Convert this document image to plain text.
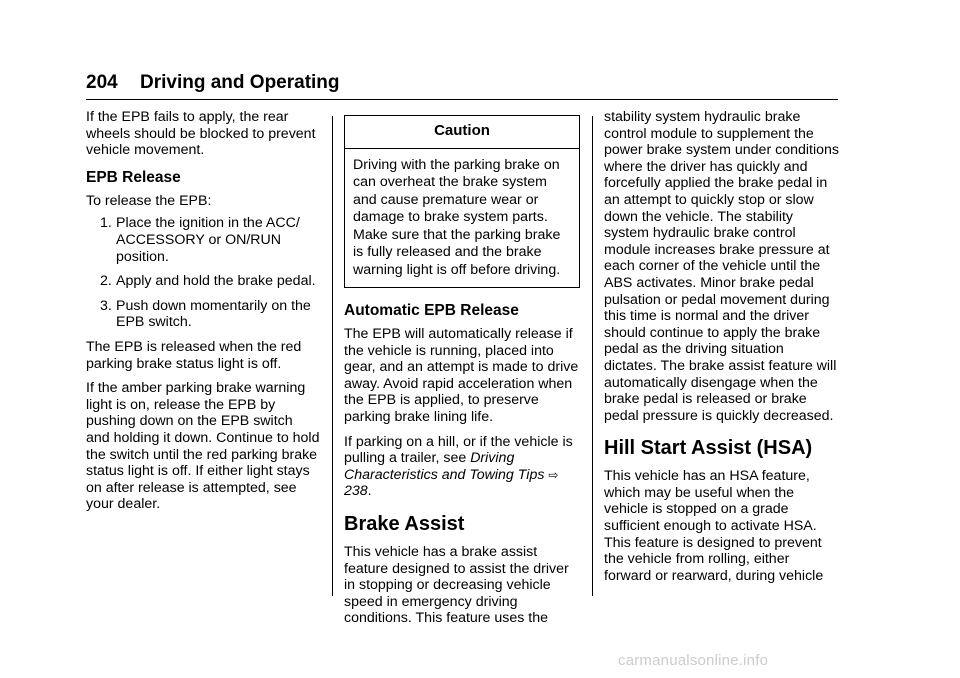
204 Driving and Operating

If the EPB fails to apply, the rear wheels should be blocked to prevent vehicle movement.

EPB Release

To release the EPB:

1. Place the ignition in the ACC/ ACCESSORY or ON/RUN position.
2. Apply and hold the brake pedal.
3. Push down momentarily on the EPB switch.

The EPB is released when the red parking brake status light is off.

If the amber parking brake warning light is on, release the EPB by pushing down on the EPB switch and holding it down. Continue to hold the switch until the red parking brake status light is off. If either light stays on after release is attempted, see your dealer.

Caution
Driving with the parking brake on can overheat the brake system and cause premature wear or damage to brake system parts. Make sure that the parking brake is fully released and the brake warning light is off before driving.
Automatic EPB Release

The EPB will automatically release if the vehicle is running, placed into gear, and an attempt is made to drive away. Avoid rapid acceleration when the EPB is applied, to preserve parking brake lining life.

If parking on a hill, or if the vehicle is pulling a trailer, see Driving Characteristics and Towing Tips ⇨ 238.

Brake Assist

This vehicle has a brake assist feature designed to assist the driver in stopping or decreasing vehicle speed in emergency driving conditions. This feature uses the

stability system hydraulic brake control module to supplement the power brake system under conditions where the driver has quickly and forcefully applied the brake pedal in an attempt to quickly stop or slow down the vehicle. The stability system hydraulic brake control module increases brake pressure at each corner of the vehicle until the ABS activates. Minor brake pedal pulsation or pedal movement during this time is normal and the driver should continue to apply the brake pedal as the driving situation dictates. The brake assist feature will automatically disengage when the brake pedal is released or brake pedal pressure is quickly decreased.

Hill Start Assist (HSA)

This vehicle has an HSA feature, which may be useful when the vehicle is stopped on a grade sufficient enough to activate HSA. This feature is designed to prevent the vehicle from rolling, either forward or rearward, during vehicle

carmanualsonline.info
